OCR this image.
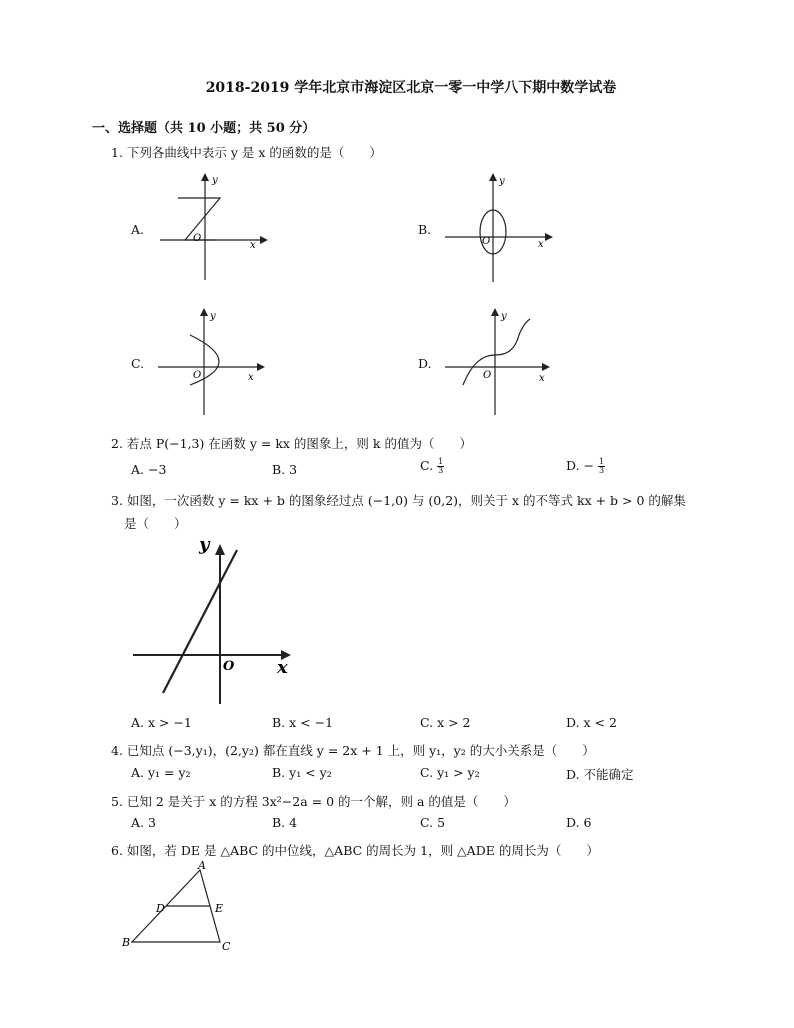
2018-2019 学年北京市海淀区北京一零一中学八下期中数学试卷
一、选择题（共 10 小题；共 50 分）
1. 下列各曲线中表示 y 是 x 的函数的是（　　）
A.	B.
C.	D.
y
x
O
y
x
O
y
x
O
y
x
O
2. 若点 P(−1,3) 在函数 y = kx 的图象上，则 k 的值为（　　）
A. −3	B. 3	C. $\frac{1}{3}$	D. − $\frac{1}{3}$
3. 如图，一次函数 y = kx + b 的图象经过点 (−1,0) 与 (0,2)，则关于 x 的不等式 kx + b > 0 的解集
是（　　）
y
x
O
A. x > −1	B. x < −1	C. x > 2	D. x < 2
4. 已知点 (−3,y₁)，(2,y₂) 都在直线 y = 2x + 1 上，则 y₁，y₂ 的大小关系是（　　）
A. y₁ = y₂	B. y₁ < y₂	C. y₁ > y₂	D. 不能确定
5. 已知 2 是关于 x 的方程 3x²−2a = 0 的一个解，则 a 的值是（　　）
A. 3	B. 4	C. 5	D. 6
6. 如图，若 DE 是 △ABC 的中位线，△ABC 的周长为 1，则 △ADE 的周长为（　　）
A
B	C
D	E
